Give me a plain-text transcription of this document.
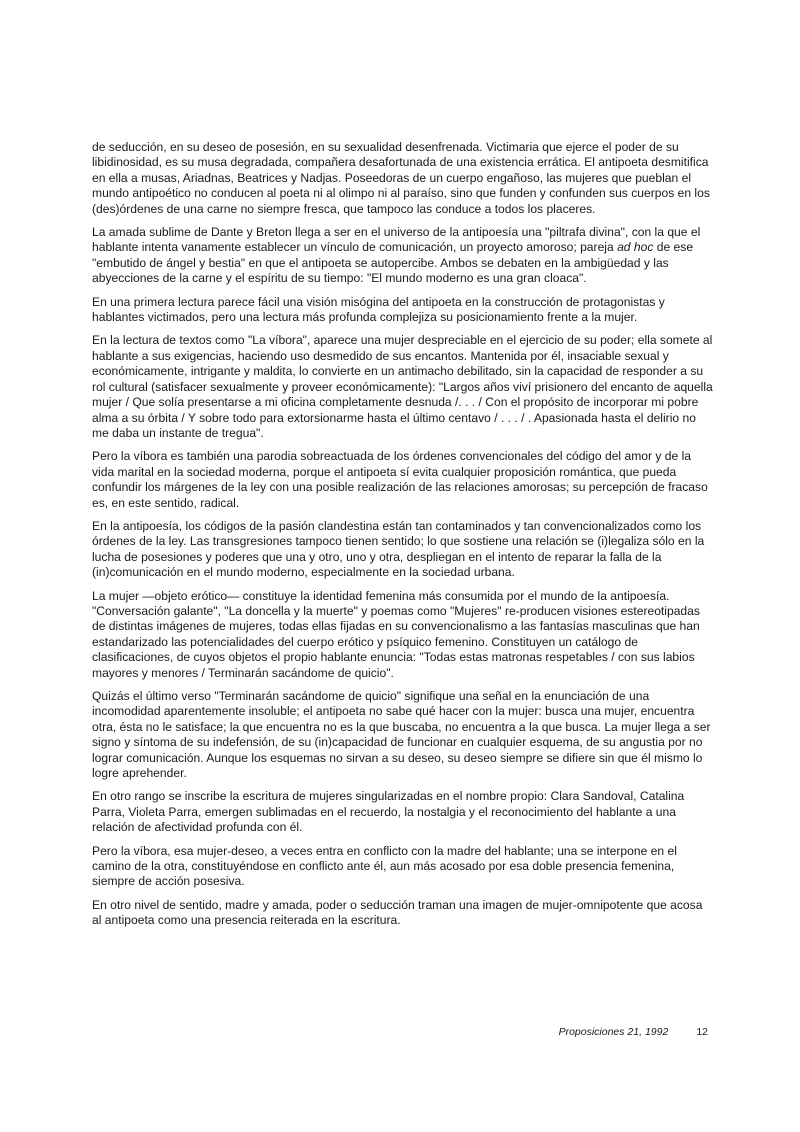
de seducción, en su deseo de posesión, en su sexualidad desenfrenada. Victimaria que ejerce el poder de su libidinosidad, es su musa degradada, compañera desafortunada de una existencia errática. El antipoeta desmitifica en ella a musas, Ariadnas, Beatrices y Nadjas. Poseedoras de un cuerpo engañoso, las mujeres que pueblan el mundo antipoético no conducen al poeta ni al olimpo ni al paraíso, sino que funden y confunden sus cuerpos en los (des)órdenes de una carne no siempre fresca, que tampoco las conduce a todos los placeres.

La amada sublime de Dante y Breton llega a ser en el universo de la antipoesía una "piltrafa divina", con la que el hablante intenta vanamente establecer un vínculo de comunicación, un proyecto amoroso; pareja ad hoc de ese "embutido de ángel y bestia" en que el antipoeta se autopercibe. Ambos se debaten en la ambigüedad y las abyecciones de la carne y el espíritu de su tiempo: "El mundo moderno es una gran cloaca".

En una primera lectura parece fácil una visión misógina del antipoeta en la construcción de protagonistas y hablantes victimados, pero una lectura más profunda complejiza su posicionamiento frente a la mujer.

En la lectura de textos como "La víbora", aparece una mujer despreciable en el ejercicio de su poder; ella somete al hablante a sus exigencias, haciendo uso desmedido de sus encantos. Mantenida por él, insaciable sexual y económicamente, intrigante y maldita, lo convierte en un antimacho debilitado, sin la capacidad de responder a su rol cultural (satisfacer sexualmente y proveer económicamente): "Largos años viví prisionero del encanto de aquella mujer / Que solía presentarse a mi oficina completamente desnuda /. . . / Con el propósito de incorporar mi pobre alma a su órbita / Y sobre todo para extorsionarme hasta el último centavo / . . . / . Apasionada hasta el delirio no me daba un instante de tregua".

Pero la víbora es también una parodia sobreactuada de los órdenes convencionales del código del amor y de la vida marital en la sociedad moderna, porque el antipoeta sí evita cualquier proposición romántica, que pueda confundir los márgenes de la ley con una posible realización de las relaciones amorosas; su percepción de fracaso es, en este sentido, radical.

En la antipoesía, los códigos de la pasión clandestina están tan contaminados y tan convencionalizados como los órdenes de la ley. Las transgresiones tampoco tienen sentido; lo que sostiene una relación se (i)legaliza sólo en la lucha de posesiones y poderes que una y otro, uno y otra, despliegan en el intento de reparar la falla de la (in)comunicación en el mundo moderno, especialmente en la sociedad urbana.

La mujer —objeto erótico— constituye la identidad femenina más consumida por el mundo de la antipoesía. "Conversación galante", "La doncella y la muerte" y poemas como "Mujeres" re-producen visiones estereotipadas de distintas imágenes de mujeres, todas ellas fijadas en su convencionalismo a las fantasías masculinas que han estandarizado las potencialidades del cuerpo erótico y psíquico femenino. Constituyen un catálogo de clasificaciones, de cuyos objetos el propio hablante enuncia: "Todas estas matronas respetables / con sus labios mayores y menores / Terminarán sacándome de quicio".

Quizás el último verso "Terminarán sacándome de quicio" signifique una señal en la enunciación de una incomodidad aparentemente insoluble; el antipoeta no sabe qué hacer con la mujer: busca una mujer, encuentra otra, ésta no le satisface; la que encuentra no es la que buscaba, no encuentra a la que busca. La mujer llega a ser signo y síntoma de su indefensión, de su (in)capacidad de funcionar en cualquier esquema, de su angustia por no lograr comunicación. Aunque los esquemas no sirvan a su deseo, su deseo siempre se difiere sin que él mismo lo logre aprehender.

En otro rango se inscribe la escritura de mujeres singularizadas en el nombre propio: Clara Sandoval, Catalina Parra, Violeta Parra, emergen sublimadas en el recuerdo, la nostalgia y el reconocimiento del hablante a una relación de afectividad profunda con él.

Pero la víbora, esa mujer-deseo, a veces entra en conflicto con la madre del hablante; una se interpone en el camino de la otra, constituyéndose en conflicto ante él, aun más acosado por esa doble presencia femenina, siempre de acción posesiva.

En otro nivel de sentido, madre y amada, poder o seducción traman una imagen de mujer-omnipotente que acosa al antipoeta como una presencia reiterada en la escritura.

Proposiciones 21, 1992	12
